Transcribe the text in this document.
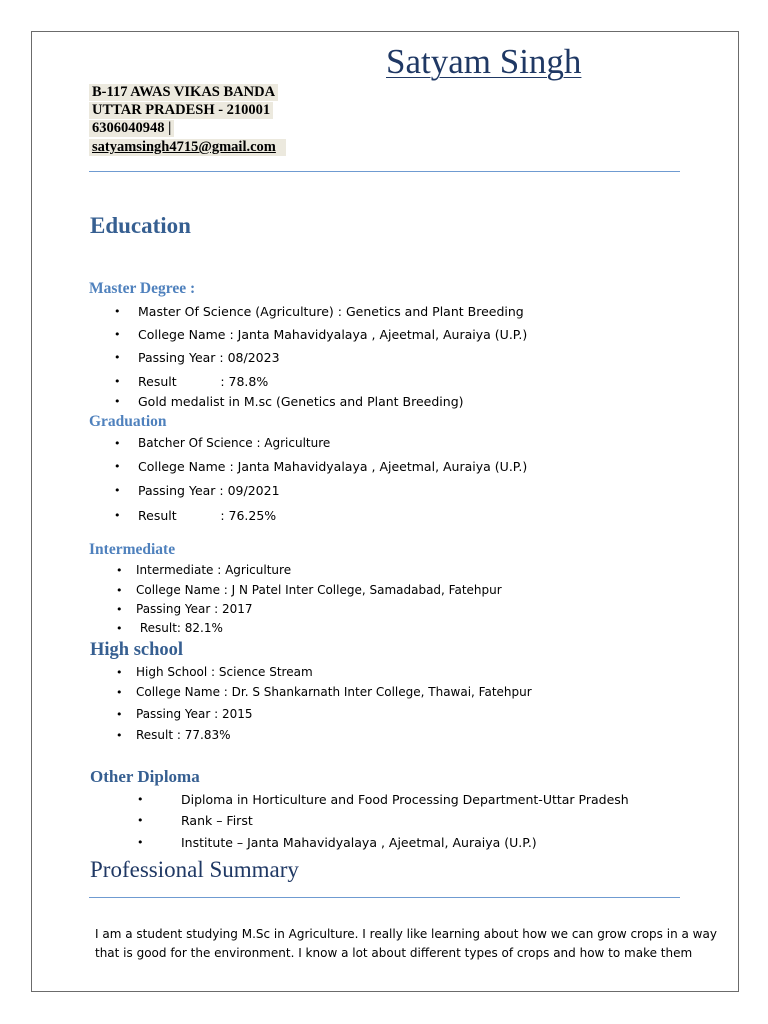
Satyam Singh
B-117 AWAS VIKAS BANDA
UTTAR PRADESH - 210001
6306040948 |
satyamsingh4715@gmail.com
Education
Master Degree :
• Master Of Science (Agriculture) : Genetics and Plant Breeding
• College Name : Janta Mahavidyalaya , Ajeetmal, Auraiya (U.P.)
• Passing Year : 08/2023
• Result           : 78.8%
• Gold medalist in M.sc (Genetics and Plant Breeding)
Graduation
• Batcher Of Science : Agriculture
• College Name : Janta Mahavidyalaya , Ajeetmal, Auraiya (U.P.)
• Passing Year : 09/2021
• Result           : 76.25%
Intermediate
• Intermediate : Agriculture
• College Name : J N Patel Inter College, Samadabad, Fatehpur
• Passing Year : 2017
• Result: 82.1%
High school
• High School : Science Stream
• College Name : Dr. S Shankarnath Inter College, Thawai, Fatehpur
• Passing Year : 2015
• Result : 77.83%
Other Diploma
•	Diploma in Horticulture and Food Processing Department-Uttar Pradesh
•	Rank – First
•	Institute – Janta Mahavidyalaya , Ajeetmal, Auraiya (U.P.)
Professional Summary
I am a student studying M.Sc in Agriculture. I really like learning about how we can grow crops in a way
that is good for the environment. I know a lot about different types of crops and how to make them
